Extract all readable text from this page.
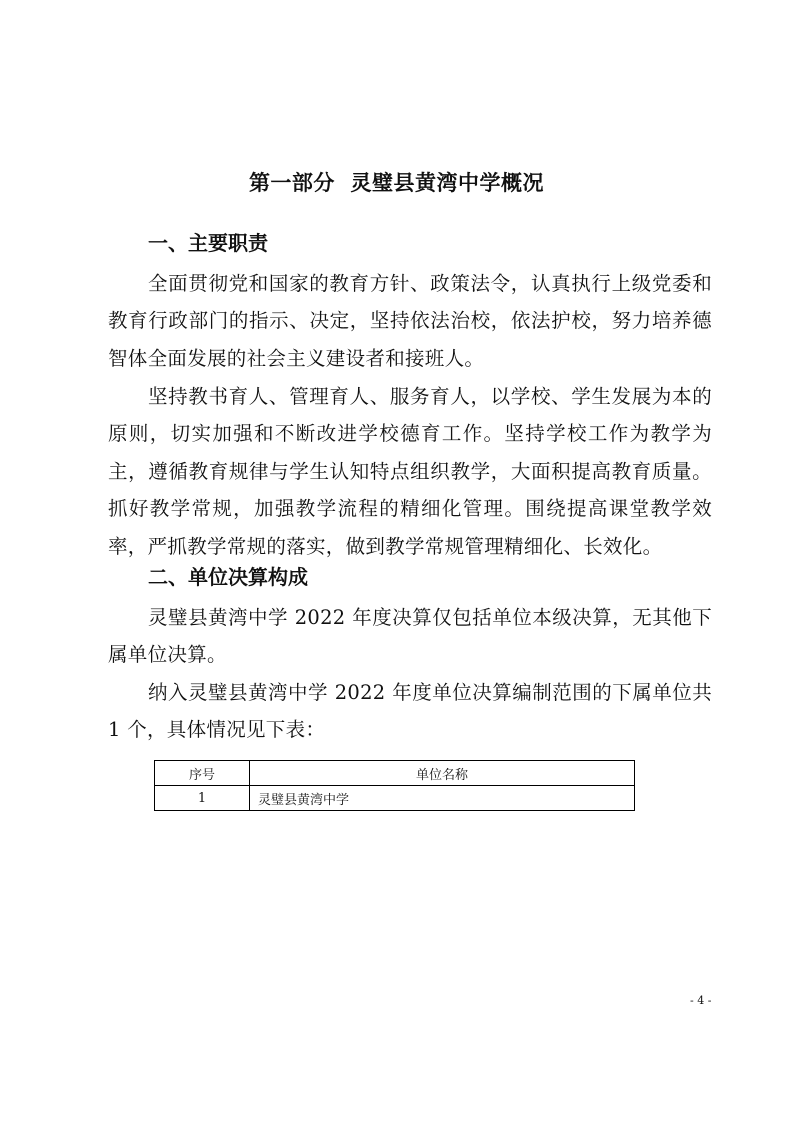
第一部分  灵璧县黄湾中学概况
一、主要职责

全面贯彻党和国家的教育方针、政策法令，认真执行上级党委和教育行政部门的指示、决定，坚持依法治校，依法护校，努力培养德智体全面发展的社会主义建设者和接班人。

坚持教书育人、管理育人、服务育人，以学校、学生发展为本的原则，切实加强和不断改进学校德育工作。坚持学校工作为教学为主，遵循教育规律与学生认知特点组织教学，大面积提高教育质量。抓好教学常规，加强教学流程的精细化管理。围绕提高课堂教学效率，严抓教学常规的落实，做到教学常规管理精细化、长效化。

二、单位决算构成

灵璧县黄湾中学 2022 年度决算仅包括单位本级决算，无其他下属单位决算。

纳入灵璧县黄湾中学 2022 年度单位决算编制范围的下属单位共 1 个，具体情况见下表：

序号	单位名称
1	灵璧县黄湾中学
- 4 -
